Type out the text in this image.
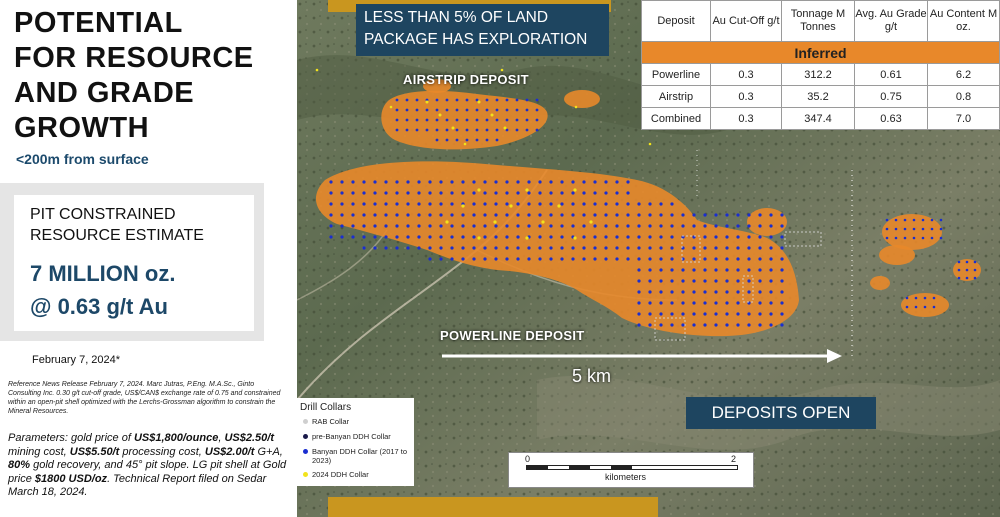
POTENTIAL
FOR RESOURCE
AND GRADE
GROWTH
<200m from surface
PIT CONSTRAINED
RESOURCE ESTIMATE
7 MILLION oz.
@ 0.63 g/t Au
February 7, 2024*
Reference News Release February 7, 2024. Marc Jutras, P.Eng. M.A.Sc., Ginto Consulting Inc. 0.30 g/t cut-off grade, US$/CAN$ exchange rate of 0.75 and constrained within an open-pit shell optimized with the Lerchs-Grossman algorithm to constrain the Mineral Resources.
Parameters: gold price of US$1,800/ounce, US$2.50/t mining cost, US$5.50/t processing cost, US$2.00/t G+A, 80% gold recovery, and 45° pit slope. LG pit shell at Gold price $1800 USD/oz. Technical Report filed on Sedar March 18, 2024.
LESS THAN 5% OF LAND
PACKAGE HAS EXPLORATION
AIRSTRIP DEPOSIT
POWERLINE DEPOSIT
5 km
DEPOSITS OPEN
Deposit	Au Cut-Off g/t	Tonnage M Tonnes	Avg. Au Grade g/t	Au Content M oz.
Inferred				
Powerline	0.3	312.2	0.61	6.2
Airstrip	0.3	35.2	0.75	0.8
Combined	0.3	347.4	0.63	7.0
Drill Collars
RAB Collar
pre-Banyan DDH Collar
Banyan DDH Collar (2017 to 2023)
2024 DDH Collar
0	2
kilometers
